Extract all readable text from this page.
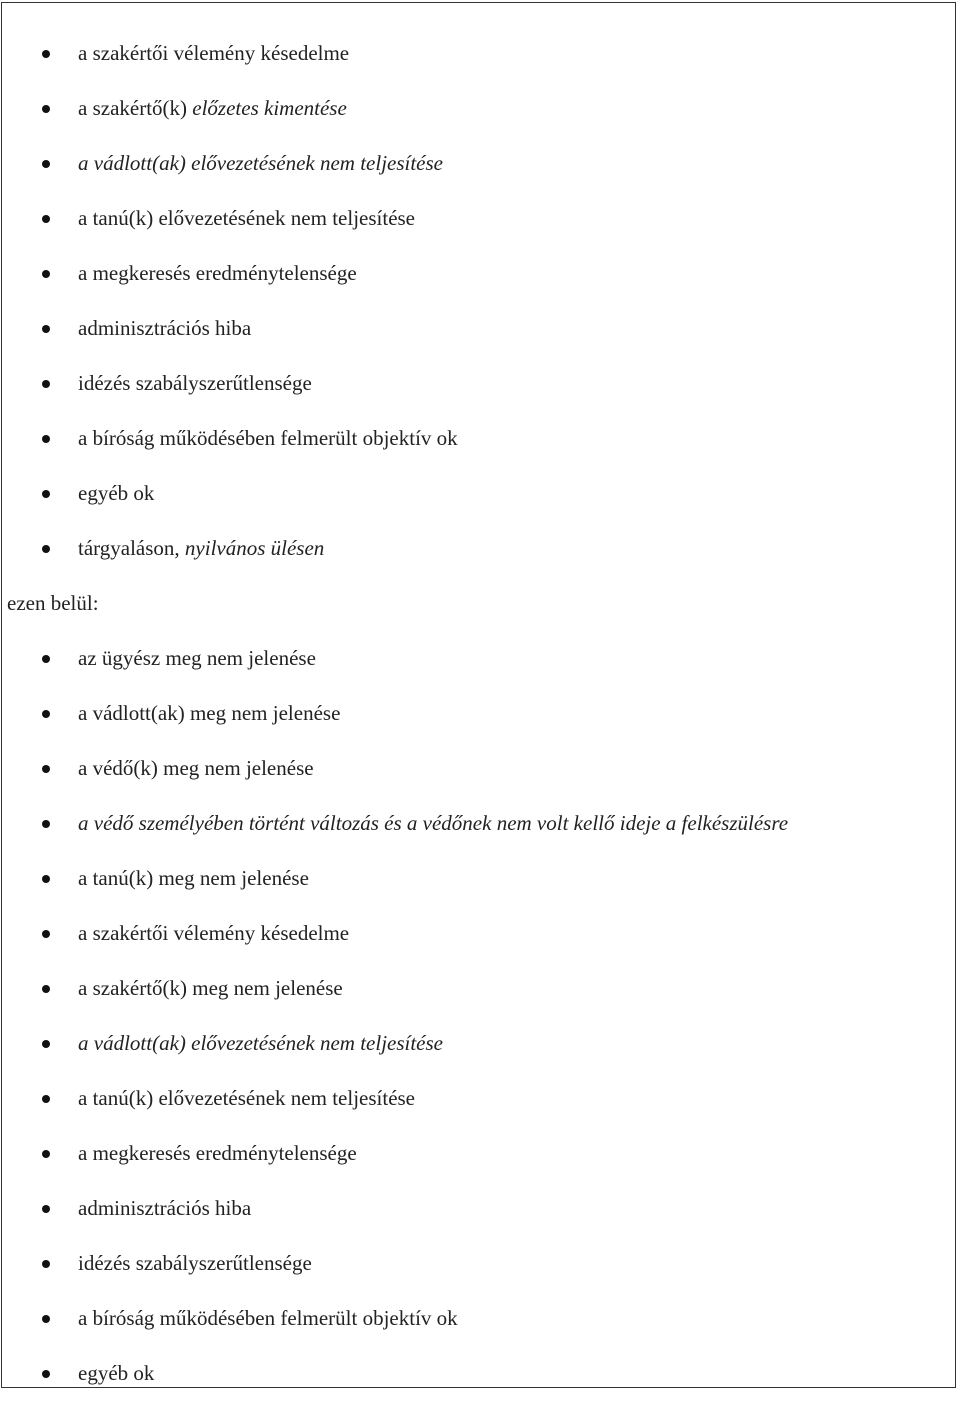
a szakértői vélemény késedelme
a szakértő(k) előzetes kimentése
a vádlott(ak) elővezetésének nem teljesítése
a tanú(k) elővezetésének nem teljesítése
a megkeresés eredménytelensége
adminisztrációs hiba
idézés szabályszerűtlensége
a bíróság működésében felmerült objektív ok
egyéb ok
tárgyaláson, nyilvános ülésen
ezen belül:
az ügyész meg nem jelenése
a vádlott(ak) meg nem jelenése
a védő(k) meg nem jelenése
a védő személyében történt változás és a védőnek nem volt kellő ideje a felkészülésre
a tanú(k) meg nem jelenése
a szakértői vélemény késedelme
a szakértő(k) meg nem jelenése
a vádlott(ak) elővezetésének nem teljesítése
a tanú(k) elővezetésének nem teljesítése
a megkeresés eredménytelensége
adminisztrációs hiba
idézés szabályszerűtlensége
a bíróság működésében felmerült objektív ok
egyéb ok
